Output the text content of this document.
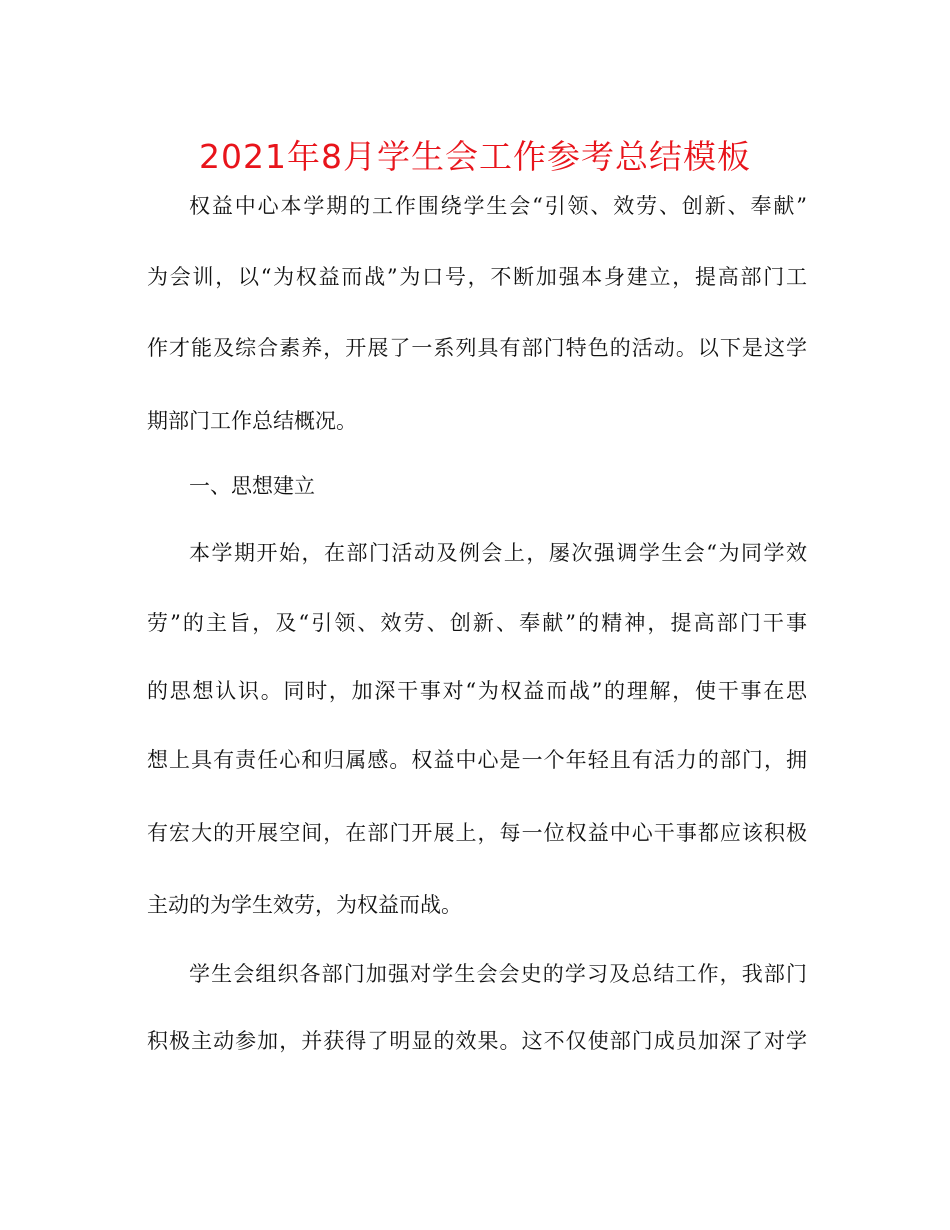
2021年8月学生会工作参考总结模板
权益中心本学期的工作围绕学生会“引领、效劳、创新、奉献”
为会训，以“为权益而战”为口号，不断加强本身建立，提高部门工
作才能及综合素养，开展了一系列具有部门特色的活动。以下是这学
期部门工作总结概况。
一、思想建立
本学期开始，在部门活动及例会上，屡次强调学生会“为同学效
劳”的主旨，及“引领、效劳、创新、奉献”的精神，提高部门干事
的思想认识。同时，加深干事对“为权益而战”的理解，使干事在思
想上具有责任心和归属感。权益中心是一个年轻且有活力的部门，拥
有宏大的开展空间，在部门开展上，每一位权益中心干事都应该积极
主动的为学生效劳，为权益而战。
学生会组织各部门加强对学生会会史的学习及总结工作，我部门
积极主动参加，并获得了明显的效果。这不仅使部门成员加深了对学
